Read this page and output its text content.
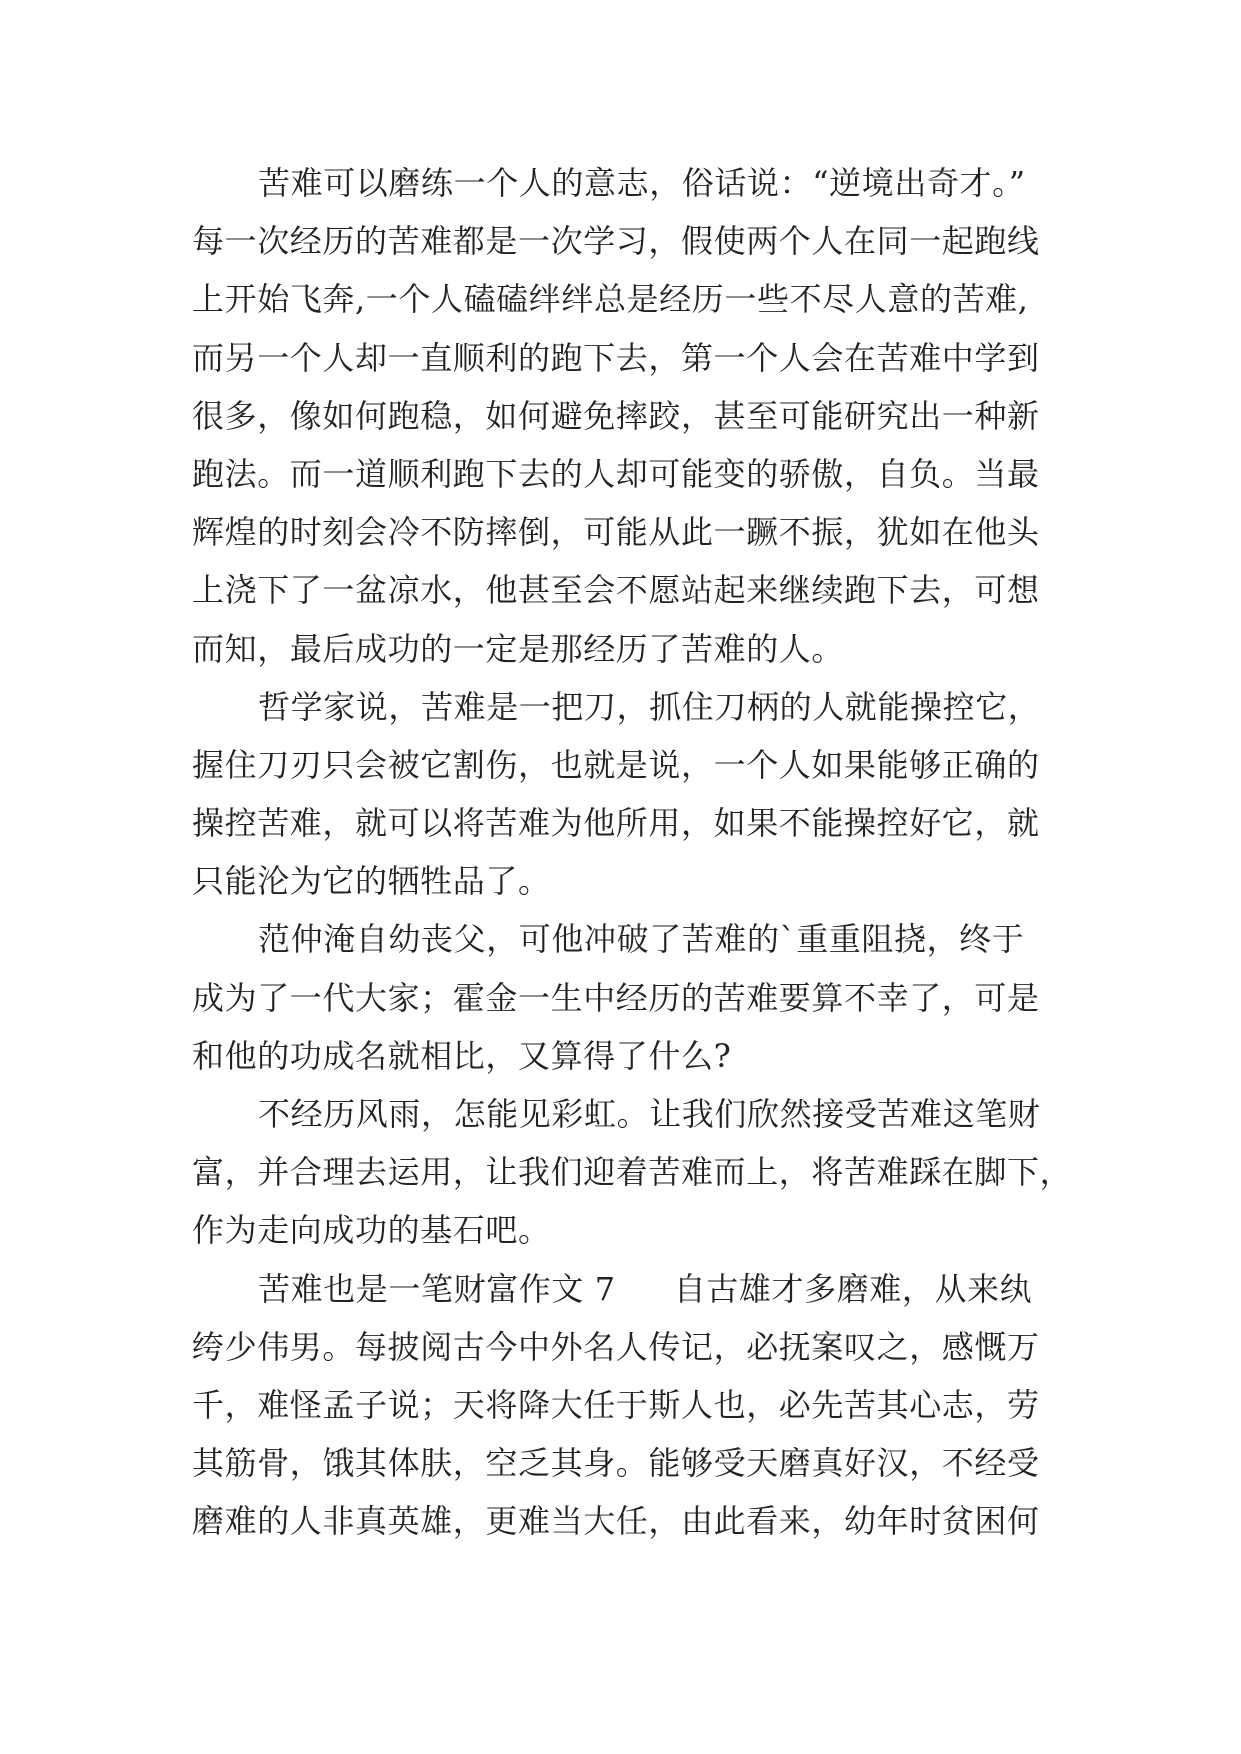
苦难可以磨练一个人的意志，俗话说：“逆境出奇才。”
每一次经历的苦难都是一次学习，假使两个人在同一起跑线
上开始飞奔,一个人磕磕绊绊总是经历一些不尽人意的苦难,
而另一个人却一直顺利的跑下去，第一个人会在苦难中学到
很多，像如何跑稳，如何避免摔跤，甚至可能研究出一种新
跑法。而一道顺利跑下去的人却可能变的骄傲，自负。当最
辉煌的时刻会冷不防摔倒，可能从此一蹶不振，犹如在他头
上浇下了一盆凉水，他甚至会不愿站起来继续跑下去，可想
而知，最后成功的一定是那经历了苦难的人。
哲学家说，苦难是一把刀，抓住刀柄的人就能操控它，
握住刀刃只会被它割伤，也就是说，一个人如果能够正确的
操控苦难，就可以将苦难为他所用，如果不能操控好它，就
只能沦为它的牺牲品了。
范仲淹自幼丧父，可他冲破了苦难的`重重阻挠，终于
成为了一代大家；霍金一生中经历的苦难要算不幸了，可是
和他的功成名就相比，又算得了什么?
不经历风雨，怎能见彩虹。让我们欣然接受苦难这笔财
富，并合理去运用，让我们迎着苦难而上，将苦难踩在脚下，
作为走向成功的基石吧。
苦难也是一笔财富作文 7 自古雄才多磨难，从来纨
绔少伟男。每披阅古今中外名人传记，必抚案叹之，感慨万
千，难怪孟子说；天将降大任于斯人也，必先苦其心志，劳
其筋骨，饿其体肤，空乏其身。能够受天磨真好汉，不经受
磨难的人非真英雄，更难当大任，由此看来，幼年时贫困何
